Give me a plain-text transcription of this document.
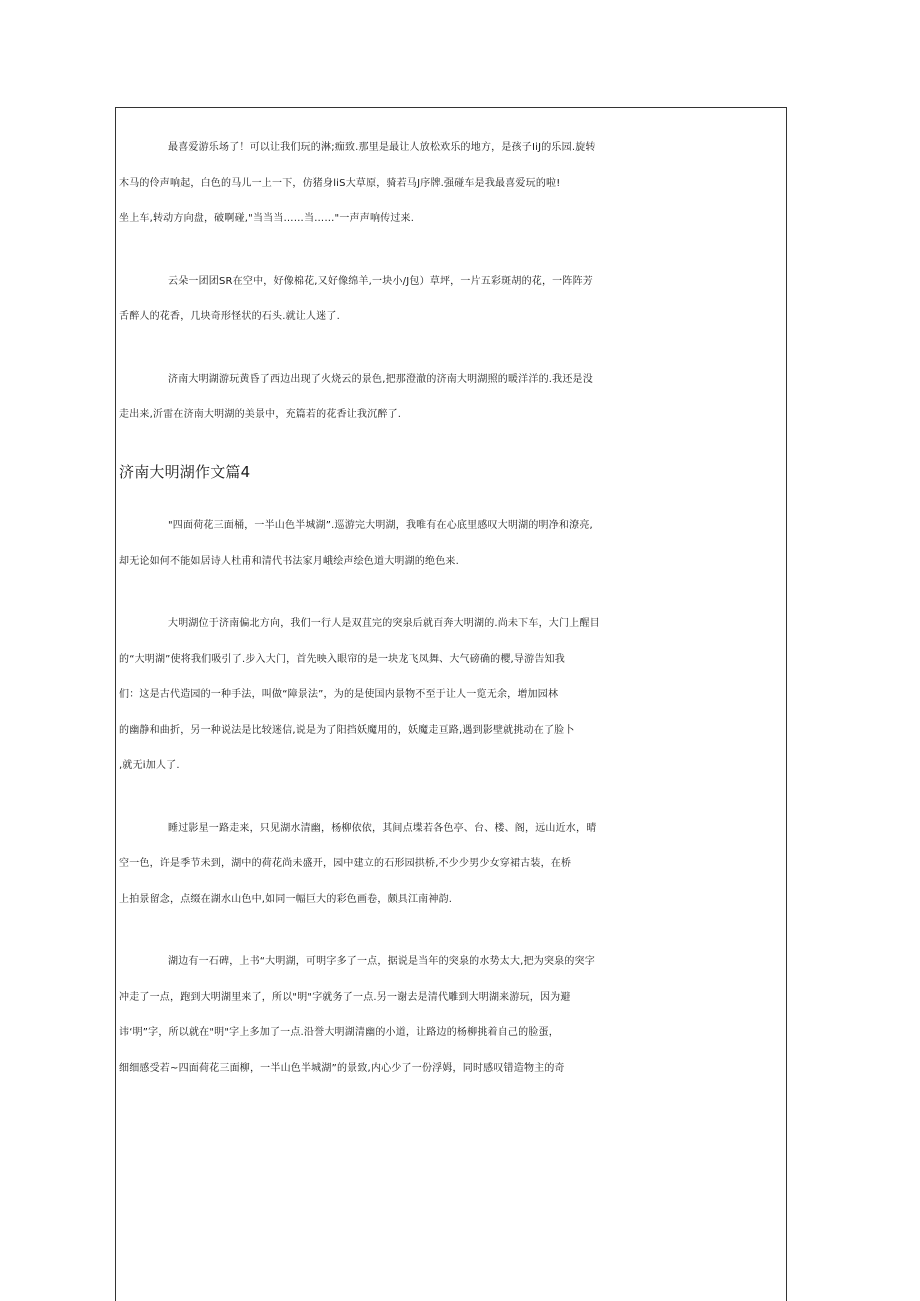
最喜爱游乐场了！可以让我们玩的淋;痂致.那里是最让人放松欢乐的地方，是孩子IiJ的乐园.旋转
木马的伶声响起，白色的马儿一上一下，仿猪身liS大草原，骑若马J序牌.强碰车是我最喜爱玩的啦!
坐上车,转动方向盘，破啊碰,"当当当……当……"一声声响传过来.

云朵一团团SR在空中，好像棉花,又好像绵羊,一块小/J包）草坪，一片五彩斑胡的花，一阵阵芳
舌醉人的花香，几块奇形怪状的石头.就让人迷了.

济南大明湖游玩黄昏了西边出现了火烧云的景色,把那澄澈的济南大明湖照的暖洋洋的.我还是没
走出来,沂雷在济南大明湖的美景中，充篇若的花香让我沉醉了.

济南大明湖作文篇4

"四面荷花三面桶，一半山色半城湖”.巡游完大明湖，我唯有在心底里感叹大明湖的明净和潦亮,
却无论如何不能如居诗人杜甫和清代书法家月峨绘声绘色道大明湖的绝色来.

大明湖位于济南偏北方向，我们一行人是双苴完的突泉后就百奔大明湖的.尚未下车，大门上醒目
的“大明湖”使将我们吸引了.步入大门，首先映入眼帘的是一块龙飞凤舞、大气磅确的樱,导游告知我
们：这是古代造园的一种手法，叫做“障景法”，为的是使国内景物不至于让人一览无余，增加园林
的幽静和曲折，另一种说法是比较迷信,说是为了阳挡妖魔用的，妖魔走亘路,遇到影壁就挑动在了脸卜
,就无i加人了.

睡过影星一路走来，只见湖水清幽，杨柳依依，其间点堞若各色亭、台、楼、阁，远山近水，晴
空一色，许是季节未到，湖中的荷花尚未盛开，园中建立的石形园拱桥,不少少男少女穿裙古装，在桥
上拍景留念，点缀在湖水山色中,如同一幅巨大的彩色画卷，颇具江南神韵.

湖边有一石碑，上书“大明湖，可明字多了一点，据说是当年的突泉的水势太大,把为突泉的突字
冲走了一点，跑到大明湖里来了，所以"明"字就务了一点.另一谢去是清代雕到大明湖来游玩，因为避
讳‘明”字，所以就在"明"字上多加了一点.沿誉大明湖清幽的小道，让路边的杨柳挑着自己的脸蛋，
细细感受若~四面荷花三面柳，一半山色半城湖”的景致,内心少了一份浮姆，同时感叹错造物主的奇
